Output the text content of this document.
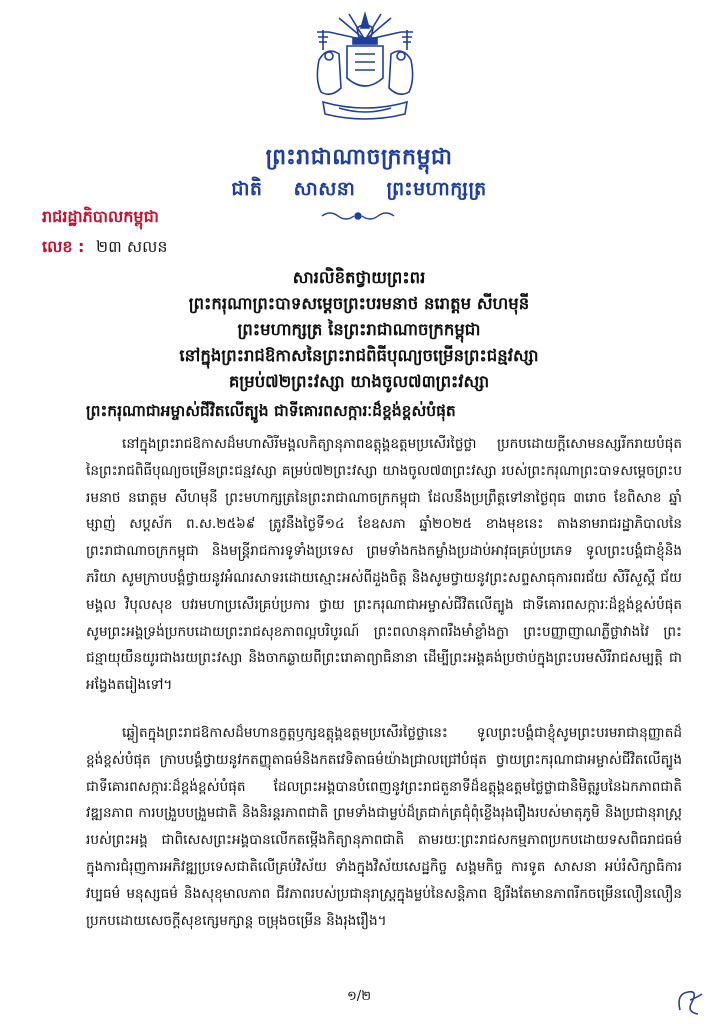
ព្រះរាជាណាចក្រកម្ពុជា
ជាតិ សាសនា ព្រះមហាក្សត្រ
រាជរដ្ឋាភិបាលកម្ពុជា
លេខ : ២៣ សលន
សារលិខិតថ្វាយព្រះពរ
ព្រះករុណាព្រះបាទសម្តេចព្រះបរមនាថ នរោត្តម សីហមុនី
ព្រះមហាក្សត្រ នៃព្រះរាជាណាចក្រកម្ពុជា
នៅក្នុងព្រះរាជឱកាសនៃព្រះរាជពិធីបុណ្យចម្រើនព្រះជន្មវស្សា
គម្រប់៧២ព្រះវស្សា យាងចូល៧៣ព្រះវស្សា
ព្រះករុណាជាអម្ចាស់ជីវិតលើត្បូង ជាទីគោរពសក្ការៈដ៏ខ្ពង់ខ្ពស់បំផុត
នៅក្នុងព្រះរាជឱកាសដ៏មហាសិរីមង្គលកិត្យានុភាពឧត្តុង្គឧត្តមប្រសើរថ្លៃថ្លា ប្រកបដោយក្តីសោមនស្សរីករាយបំផុត នៃព្រះរាជពិធីបុណ្យចម្រើនព្រះជន្មវស្សា គម្រប់៧២ព្រះវស្សា យាងចូល៧៣ព្រះវស្សា របស់ព្រះករុណាព្រះបាទសម្តេចព្រះបរមនាថ នរោត្តម សីហមុនី ព្រះមហាក្សត្រនៃព្រះរាជាណាចក្រកម្ពុជា ដែលនឹងប្រព្រឹត្តទៅនាថ្ងៃពុធ ៣រោច ខែពិសាខ ឆ្នាំម្សាញ់ សប្តស័ក ព.ស.២៥៦៩ ត្រូវនឹងថ្ងៃទី១៤ ខែឧសភា ឆ្នាំ២០២៥ ខាងមុខនេះ តាងនាមរាជរដ្ឋាភិបាលនៃព្រះរាជាណាចក្រកម្ពុជា និងមន្ត្រីរាជការទូទាំងប្រទេស ព្រមទាំងកងកម្លាំងប្រដាប់អាវុធគ្រប់ប្រភេទ ទូលព្រះបង្គំជាខ្ញុំនិងភរិយា សូមក្រាបបង្គំថ្វាយនូវអំណរសាទរដោយស្មោះអស់ពីដួងចិត្ត និងសូមថ្វាយនូវព្រះសព្ទសាធុការពរជ័យ សិរីសួស្តី ជ័យមង្គល វិបុលសុខ បវរមហាប្រសើរគ្រប់ប្រការ ថ្វាយ ព្រះករុណាជាអម្ចាស់ជីវិតលើត្បូង ជាទីគោរពសក្ការៈដ៏ខ្ពង់ខ្ពស់បំផុត សូមព្រះអង្គទ្រង់ប្រកបដោយព្រះរាជសុខភាពល្អបរិបូរណ៍ ព្រះពលានុភាពរឹងមាំខ្លាំងក្លា ព្រះបញ្ញាញាណភ្លឺថ្លាវាងវៃ ព្រះជន្មាយុយឺនយូរជាងរយព្រះវស្សា និងចាកឆ្ងាយពីព្រះរោគាព្យាធិនានា ដើម្បីព្រះអង្គគង់ប្រថាប់ក្នុងព្រះបរមសិរីរាជសម្បត្តិ ជាអង្វែងតរៀងទៅ។
ឆ្លៀតក្នុងព្រះរាជឱកាសដ៏មហានក្ខត្តឫក្សឧត្តុង្គឧត្តមប្រសើរថ្លៃថ្លានេះ ទូលព្រះបង្គំជាខ្ញុំសូមព្រះបរមរាជានុញ្ញាតដ៏ខ្ពង់ខ្ពស់បំផុត ក្រាបបង្គំថ្វាយនូវកតញ្ញុតាធម៌និងកតវេទិតាធម៌យ៉ាងជ្រាលជ្រៅបំផុត ថ្វាយព្រះករុណាជាអម្ចាស់ជីវិតលើត្បូង ជាទីគោរពសក្ការៈដ៏ខ្ពង់ខ្ពស់បំផុត ដែលព្រះអង្គបានបំពេញនូវព្រះរាជតួនាទីដ៏ឧត្តុង្គឧត្តមថ្លៃថ្លាជានិមិត្តរូបនៃឯកភាពជាតិ វឌ្ឍនភាព ការបង្រួបបង្រួមជាតិ និងនិរន្តរភាពជាតិ ព្រមទាំងជាម្លប់ដ៏ត្រជាក់ត្រជុំពុំខ្លើងរុងរឿងរបស់មាតុភូមិ និងប្រជានុរាស្ត្ររបស់ព្រះអង្គ ជាពិសេសព្រះអង្គបានលើកតម្កើងកិត្យានុភាពជាតិ តាមរយៈព្រះរាជសកម្មភាពប្រកបដោយទសពិធរាជធម៌ ក្នុងការជំរុញការអភិវឌ្ឍប្រទេសជាតិលើគ្រប់វិស័យ ទាំងក្នុងវិស័យសេដ្ឋកិច្ច សង្គមកិច្ច ការទូត សាសនា អប់រំសិក្សាធិការ វប្បធម៌ មនុស្សធម៌ និងសុខុមាលភាព ជីវភាពរបស់ប្រជានុរាស្ត្រក្នុងម្លប់នៃសន្តិភាព ឱ្យរីងតែមានភាពរីកចម្រើនលឿនលឿនប្រកបដោយសេចក្តីសុខក្សេមក្សាន្ត ចម្រុងចម្រើន និងរុងរឿង។
១/២
